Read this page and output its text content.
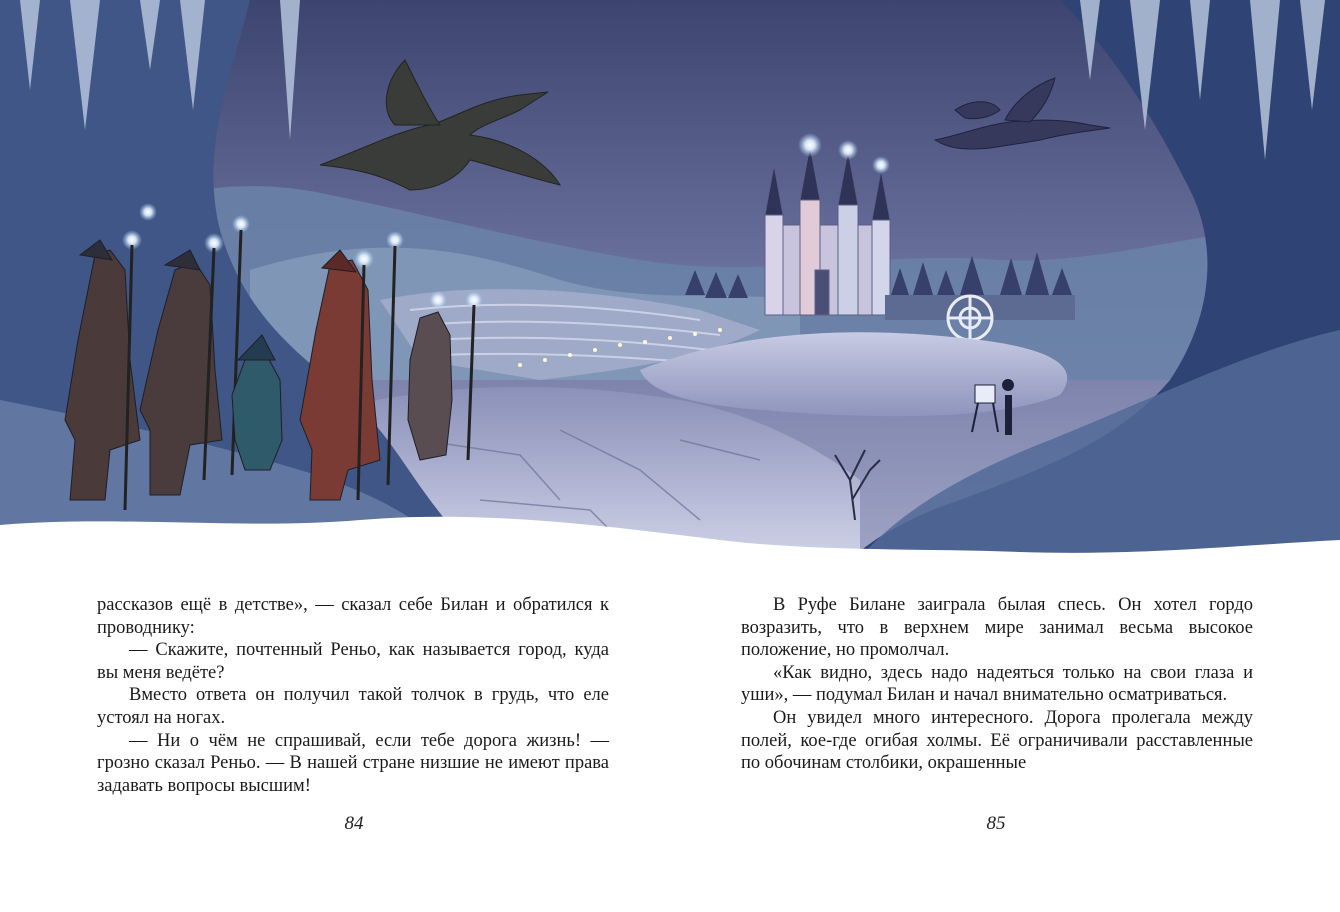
рассказов ещё в детстве», — сказал себе Билан и обратился к проводнику:

— Скажите, почтенный Реньо, как называется город, куда вы меня ведёте?

Вместо ответа он получил такой толчок в грудь, что еле устоял на ногах.

— Ни о чём не спрашивай, если тебе дорога жизнь! — грозно сказал Реньо. — В нашей стране низшие не имеют права задавать вопросы высшим!

В Руфе Билане заиграла былая спесь. Он хотел гордо возразить, что в верхнем мире занимал весьма высокое положение, но промолчал.

«Как видно, здесь надо надеяться только на свои глаза и уши», — подумал Билан и начал внимательно осматриваться.

Он увидел много интересного. Дорога пролегала между полей, кое-где огибая холмы. Её ограничивали расставленные по обочинам столбики, окрашенные

84	85
